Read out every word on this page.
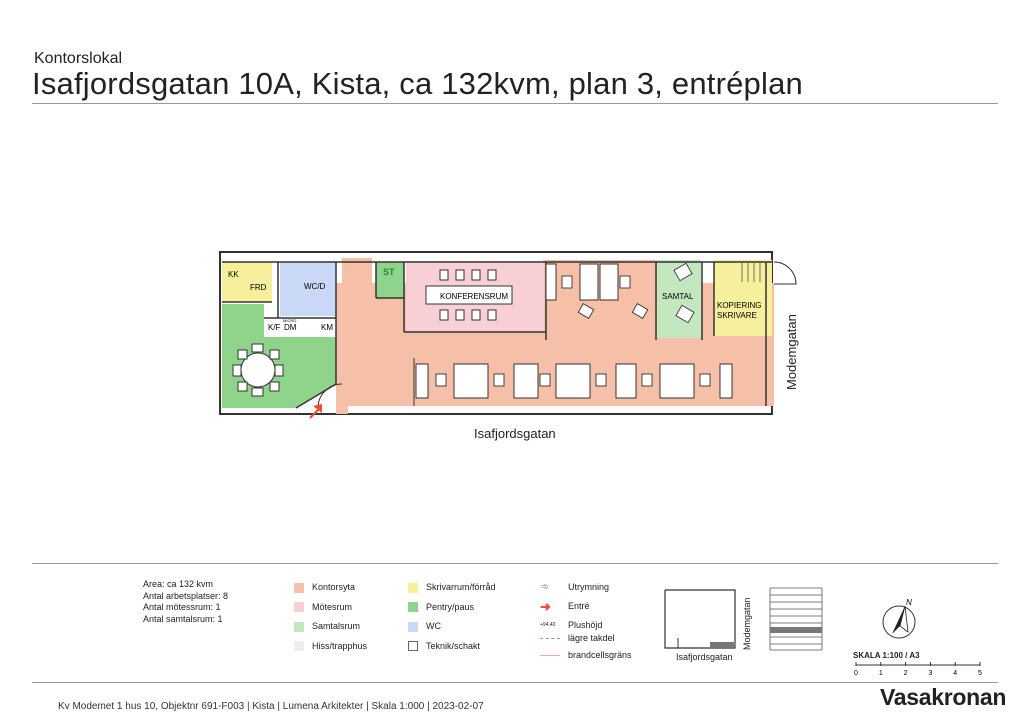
Kontorslokal
Isafjordsgatan 10A, Kista, ca 132kvm, plan 3, entréplan
KK
FRD	WC/D
ST
KONFERENSRUM	SAMTAL
KOPIERING
SKRIVARE
K/F
MICRO
DM	KM
Isafjordsgatan
Modemgatan
Area: ca 132 kvm
Antal arbetsplatser: 8
Antal mötessrum: 1
Antal samtalsrum: 1
Kontorsyta
Mötesrum
Samtalsrum
Hiss/trapphus
Skrivarrum/förråd
Pentry/paus
WC
Teknik/schakt
➾	Utrymning
➜	Entré
+94,40	Plushöjd
lägre takdel
brandcellsgräns	Isafjordsgatan
Modemgatan	N
SKALA 1:100 / A3
0	1	2	3	4	5
Kv Modemet 1 hus 10, Objektnr 691-F003 | Kista | Lumena Arkitekter | Skala 1:000 | 2023-02-07	Vasakronan
